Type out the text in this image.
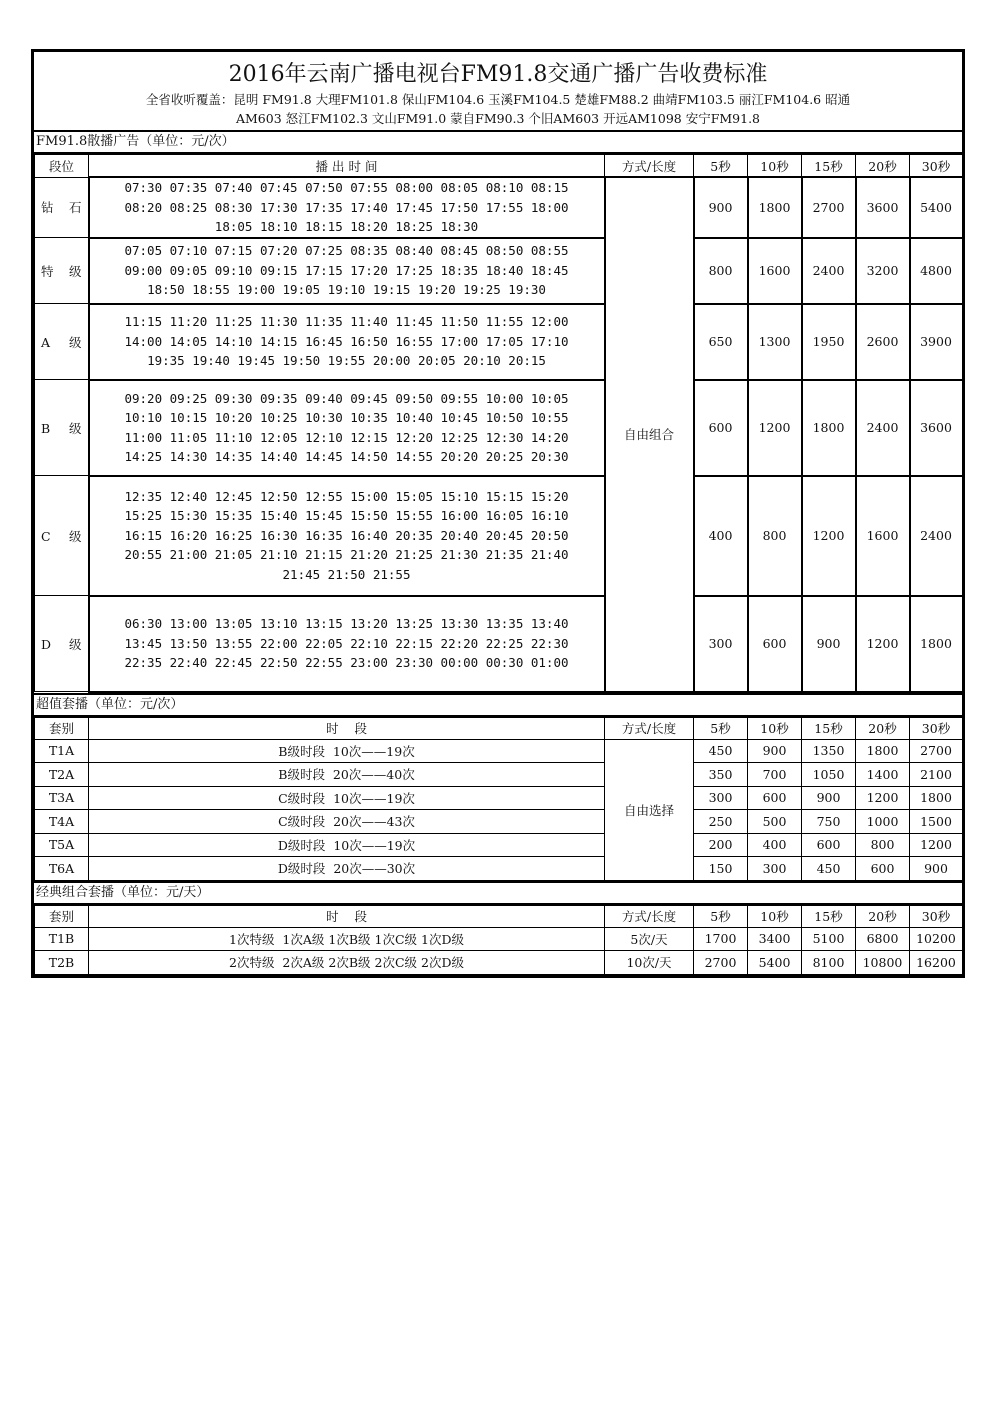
2016年云南广播电视台FM91.8交通广播广告收费标准
全省收听覆盖：昆明 FM91.8 大理FM101.8 保山FM104.6 玉溪FM104.5 楚雄FM88.2 曲靖FM103.5 丽江FM104.6 昭通
AM603 怒江FM102.3 文山FM91.0 蒙自FM90.3 个旧AM603 开远AM1098 安宁FM91.8
FM91.8散播广告（单位：元/次）
段位	播 出 时 间	方式/长度	5秒	10秒	15秒	20秒	30秒
钻 石	07:30 07:35 07:40 07:45 07:50 07:55 08:00 08:05 08:10 08:15
08:20 08:25 08:30 17:30 17:35 17:40 17:45 17:50 17:55 18:00
18:05 18:10 18:15 18:20 18:25 18:30	自由组合	900	1800	2700	3600	5400
特 级	07:05 07:10 07:15 07:20 07:25 08:35 08:40 08:45 08:50 08:55
09:00 09:05 09:10 09:15 17:15 17:20 17:25 18:35 18:40 18:45
18:50 18:55 19:00 19:05 19:10 19:15 19:20 19:25 19:30		800	1600	2400	3200	4800
A 级	11:15 11:20 11:25 11:30 11:35 11:40 11:45 11:50 11:55 12:00
14:00 14:05 14:10 14:15 16:45 16:50 16:55 17:00 17:05 17:10
19:35 19:40 19:45 19:50 19:55 20:00 20:05 20:10 20:15		650	1300	1950	2600	3900
B 级	09:20 09:25 09:30 09:35 09:40 09:45 09:50 09:55 10:00 10:05
10:10 10:15 10:20 10:25 10:30 10:35 10:40 10:45 10:50 10:55
11:00 11:05 11:10 12:05 12:10 12:15 12:20 12:25 12:30 14:20
14:25 14:30 14:35 14:40 14:45 14:50 14:55 20:20 20:25 20:30		600	1200	1800	2400	3600
C 级	12:35 12:40 12:45 12:50 12:55 15:00 15:05 15:10 15:15 15:20
15:25 15:30 15:35 15:40 15:45 15:50 15:55 16:00 16:05 16:10
16:15 16:20 16:25 16:30 16:35 16:40 20:35 20:40 20:45 20:50
20:55 21:00 21:05 21:10 21:15 21:20 21:25 21:30 21:35 21:40
21:45 21:50 21:55		400	800	1200	1600	2400
D 级	06:30 13:00 13:05 13:10 13:15 13:20 13:25 13:30 13:35 13:40
13:45 13:50 13:55 22:00 22:05 22:10 22:15 22:20 22:25 22:30
22:35 22:40 22:45 22:50 22:55 23:00 23:30 00:00 00:30 01:00		300	600	900	1200	1800
超值套播（单位：元/次）
套别	时    段	方式/长度	5秒	10秒	15秒	20秒	30秒
T1A	B级时段  10次——19次	自由选择	450	900	1350	1800	2700
T2A	B级时段  20次——40次		350	700	1050	1400	2100
T3A	C级时段  10次——19次		300	600	900	1200	1800
T4A	C级时段  20次——43次		250	500	750	1000	1500
T5A	D级时段  10次——19次		200	400	600	800	1200
T6A	D级时段  20次——30次		150	300	450	600	900
经典组合套播（单位：元/天）
套别	时    段	方式/长度	5秒	10秒	15秒	20秒	30秒
T1B	1次特级  1次A级 1次B级 1次C级 1次D级	5次/天	1700	3400	5100	6800	10200
T2B	2次特级  2次A级 2次B级 2次C级 2次D级	10次/天	2700	5400	8100	10800	16200
